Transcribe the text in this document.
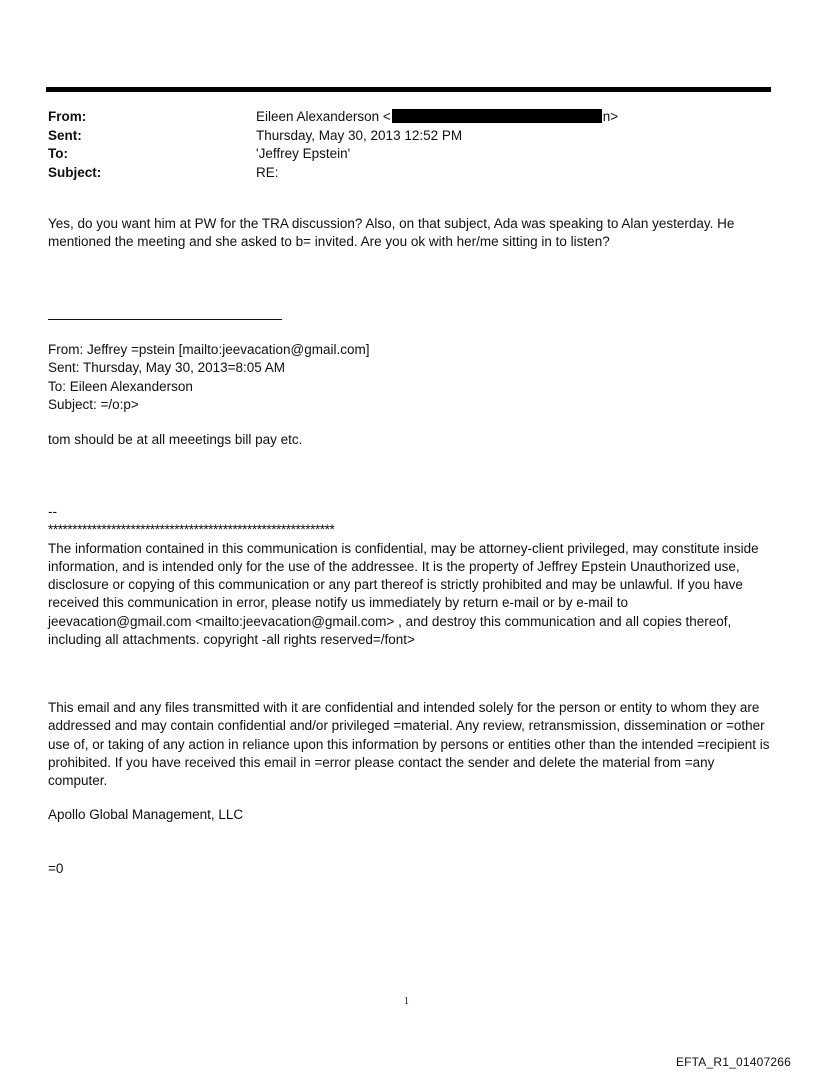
From:	Eileen Alexanderson <	n>
Sent:	Thursday, May 30, 2013 12:52 PM
To:	'Jeffrey Epstein'
Subject:	RE:

Yes, do you want him at PW for the TRA discussion? Also, on that subject, Ada was speaking to Alan yesterday. He mentioned the meeting and she asked to b= invited. Are you ok with her/me sitting in to listen?

From: Jeffrey =pstein [mailto:jeevacation@gmail.com]

Sent: Thursday, May 30, 2013=8:05 AM

To: Eileen Alexanderson

Subject: =/o:p>

tom should be at all meeetings bill pay etc.

--

***********************************************************

The information contained in this communication is confidential, may be attorney-client privileged, may constitute inside information, and is intended only for the use of the addressee. It is the property of Jeffrey Epstein Unauthorized use, disclosure or copying of this communication or any part thereof is strictly prohibited and may be unlawful. If you have received this communication in error, please notify us immediately by return e-mail or by e-mail to jeevacation@gmail.com <mailto:jeevacation@gmail.com> , and destroy this communication and all copies thereof, including all attachments. copyright -all rights reserved=/font>

This email and any files transmitted with it are confidential and intended solely for the person or entity to whom they are addressed and may contain confidential and/or privileged =material. Any review, retransmission, dissemination or =other use of, or taking of any action in reliance upon this information by persons or entities other than the intended =recipient is prohibited. If you have received this email in =error please contact the sender and delete the material from =any computer.

Apollo Global Management, LLC

=0

1
EFTA_R1_01407266
